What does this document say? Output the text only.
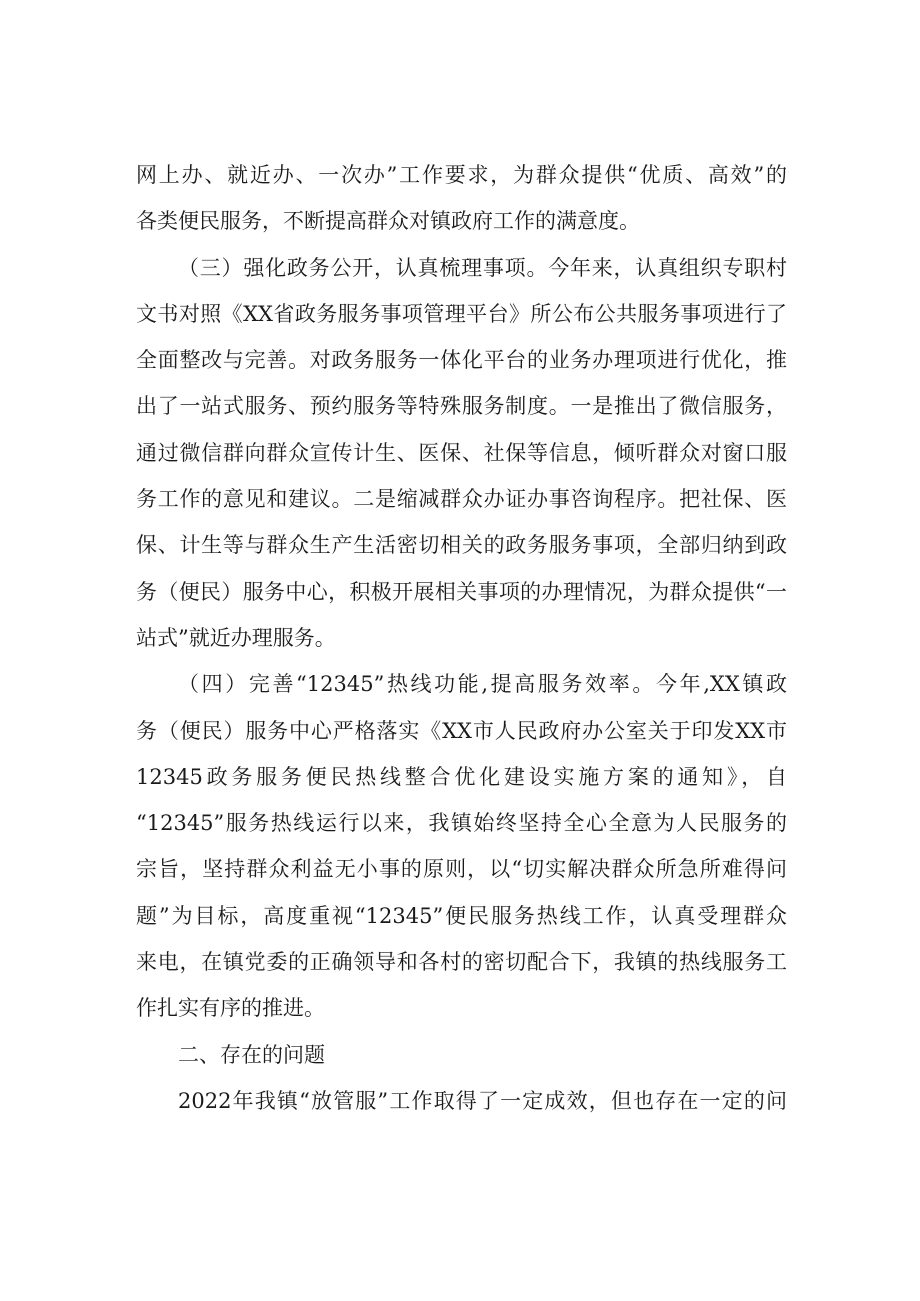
网上办、就近办、一次办”工作要求，为群众提供“优质、高效”的
各类便民服务，不断提高群众对镇政府工作的满意度。
（三）强化政务公开，认真梳理事项。今年来，认真组织专职村
文书对照《XX省政务服务事项管理平台》所公布公共服务事项进行了
全面整改与完善。对政务服务一体化平台的业务办理项进行优化，推
出了一站式服务、预约服务等特殊服务制度。一是推出了微信服务，
通过微信群向群众宣传计生、医保、社保等信息，倾听群众对窗口服
务工作的意见和建议。二是缩减群众办证办事咨询程序。把社保、医
保、计生等与群众生产生活密切相关的政务服务事项，全部归纳到政
务（便民）服务中心，积极开展相关事项的办理情况，为群众提供“一
站式”就近办理服务。
（四）完善“12345”热线功能,提高服务效率。今年,XX镇政
务（便民）服务中心严格落实《XX市人民政府办公室关于印发XX市
12345政务服务便民热线整合优化建设实施方案的通知》，自
“12345”服务热线运行以来，我镇始终坚持全心全意为人民服务的
宗旨，坚持群众利益无小事的原则，以“切实解决群众所急所难得问
题”为目标，高度重视“12345”便民服务热线工作，认真受理群众
来电，在镇党委的正确领导和各村的密切配合下，我镇的热线服务工
作扎实有序的推进。
二、存在的问题
2022年我镇“放管服”工作取得了一定成效，但也存在一定的问
